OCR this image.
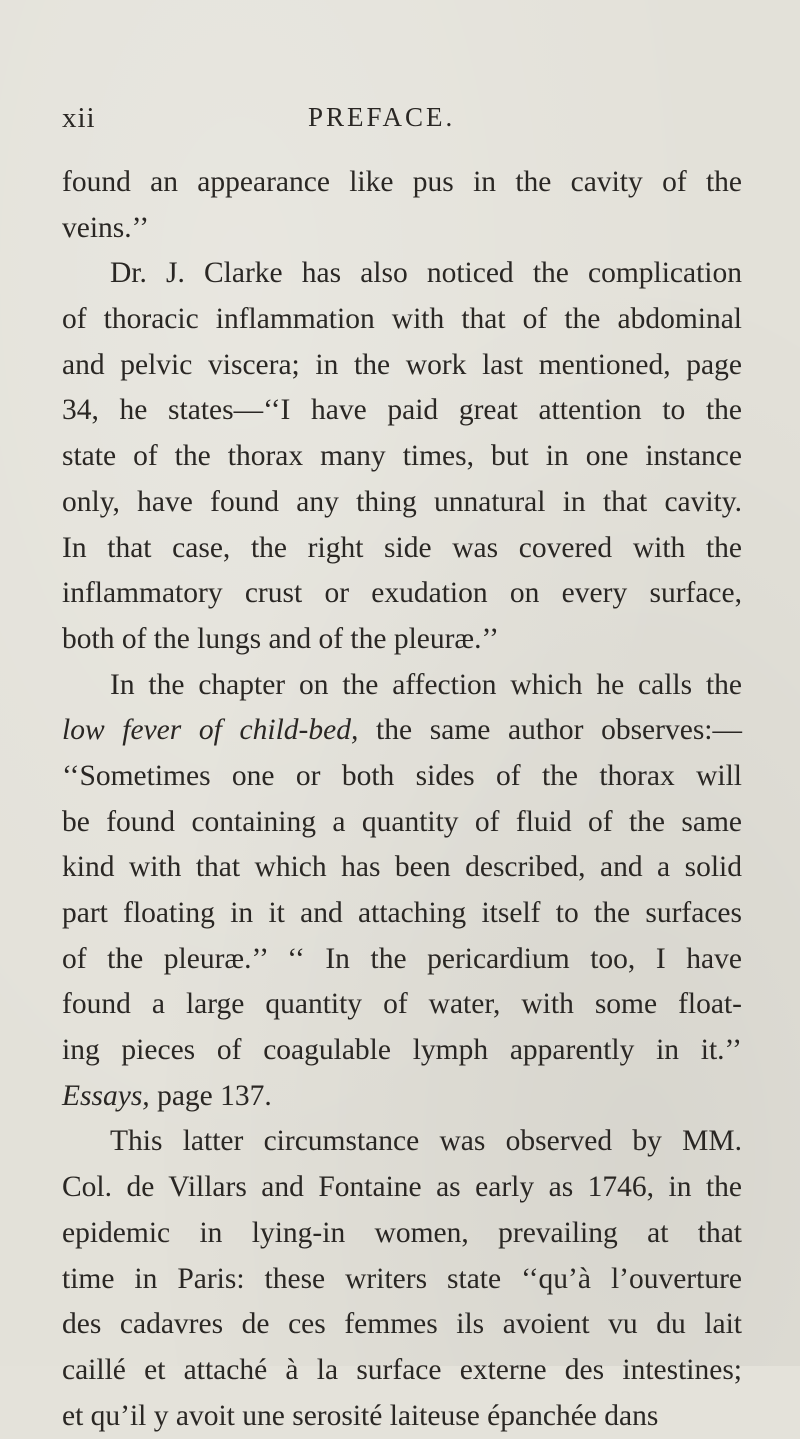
xii	PREFACE.
found an appearance like pus in the cavity of the
veins.’’
Dr. J. Clarke has also noticed the complication
of thoracic inflammation with that of the abdominal
and pelvic viscera; in the work last mentioned, page
34, he states—‘‘I have paid great attention to the
state of the thorax many times, but in one instance
only, have found any thing unnatural in that cavity.
In that case, the right side was covered with the
inflammatory crust or exudation on every surface,
both of the lungs and of the pleuræ.’’
In the chapter on the affection which he calls the
low fever of child-bed, the same author observes:—
‘‘Sometimes one or both sides of the thorax will
be found containing a quantity of fluid of the same
kind with that which has been described, and a solid
part floating in it and attaching itself to the surfaces
of the pleuræ.’’ ‘‘ In the pericardium too, I have
found a large quantity of water, with some float-
ing pieces of coagulable lymph apparently in it.’’
Essays, page 137.
This latter circumstance was observed by MM.
Col. de Villars and Fontaine as early as 1746, in the
epidemic in lying-in women, prevailing at that
time in Paris: these writers state ‘‘qu’à l’ouverture
des cadavres de ces femmes ils avoient vu du lait
caillé et attaché à la surface externe des intestines;
et qu’il y avoit une serosité laiteuse épanchée dans
